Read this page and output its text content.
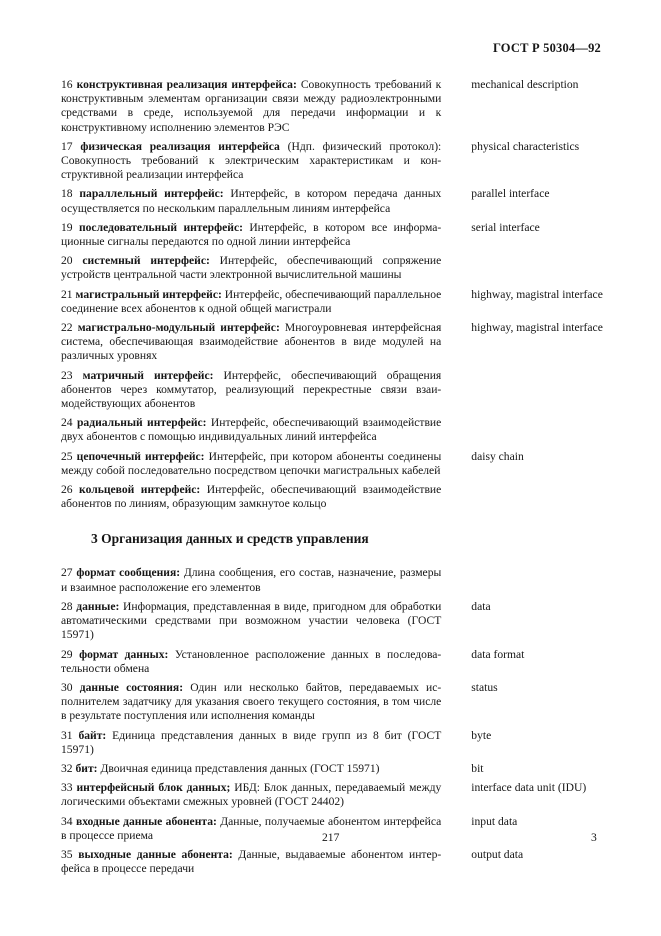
ГОСТ Р 50304—92
16 конструктивная реализация интерфейса: Совокупность требований к конструктивным элементам организации связи между радиоэлектронными средствами в среде, используемой для передачи информации и к конструктивному исполнению элементов РЭС
mechanical description
17 физическая реализация интерфейса (Ндп. физический протокол): Совокупность требований к электрическим характеристикам и конструктивной реализации интерфейса
physical characteristics
18 параллельный интерфейс: Интерфейс, в котором передача данных осуществляется по нескольким параллельным линиям интерфейса
parallel interface
19 последовательный интерфейс: Интерфейс, в котором все информационные сигналы передаются по одной линии интерфейса
serial interface
20 системный интерфейс: Интерфейс, обеспечивающий сопряжение устройств центральной части электронной вычислительной машины
21 магистральный интерфейс: Интерфейс, обеспечивающий параллельное соединение всех абонентов к одной общей магистрали
highway, magistral interface
22 магистрально-модульный интерфейс: Многоуровневая интерфейсная система, обеспечивающая взаимодействие абонентов в виде модулей на различных уровнях
highway, magistral interface
23 матричный интерфейс: Интерфейс, обеспечивающий обращения абонентов через коммутатор, реализующий перекрестные связи взаимодействующих абонентов
24 радиальный интерфейс: Интерфейс, обеспечивающий взаимодействие двух абонентов с помощью индивидуальных линий интерфейса
25 цепочечный интерфейс: Интерфейс, при котором абоненты соединены между собой последовательно посредством цепочки магистральных кабелей
daisy chain
26 кольцевой интерфейс: Интерфейс, обеспечивающий взаимодействие абонентов по линиям, образующим замкнутое кольцо
3 Организация данных и средств управления
27 формат сообщения: Длина сообщения, его состав, назначение, размеры и взаимное расположение его элементов
28 данные: Информация, представленная в виде, пригодном для обработки автоматическими средствами при возможном участии человека (ГОСТ 15971)
data
29 формат данных: Установленное расположение данных в последовательности обмена
data format
30 данные состояния: Один или несколько байтов, передаваемых исполнителем задатчику для указания своего текущего состояния, в том числе в результате поступления или исполнения команды
status
31 байт: Единица представления данных в виде групп из 8 бит (ГОСТ 15971)
byte
32 бит: Двоичная единица представления данных (ГОСТ 15971)	bit
33 интерфейсный блок данных; ИБД: Блок данных, передаваемый между логическими объектами смежных уровней (ГОСТ 24402)
interface data unit (IDU)
34 входные данные абонента: Данные, получаемые абонентом интерфейса в процессе приема
input data
35 выходные данные абонента: Данные, выдаваемые абонентом интерфейса в процессе передачи
output data
217	3
